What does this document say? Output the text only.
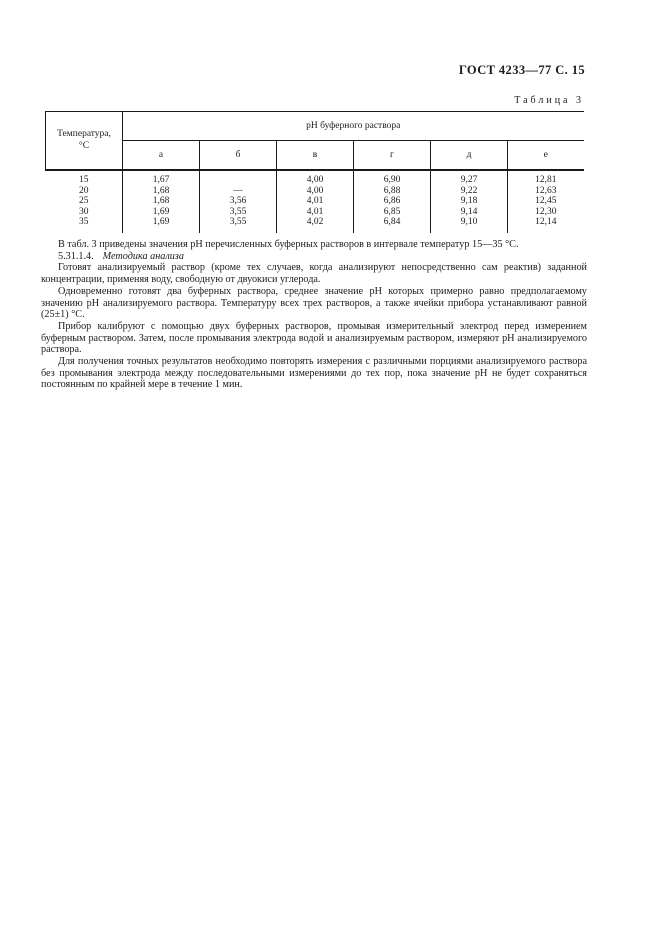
ГОСТ 4233—77 С. 15
Таблица 3
Температура,
°С	рН буферного раствора					
	а	б	в	г	д	е
15	1,67		4,00	6,90	9,27	12,81
20	1,68	—	4,00	6,88	9,22	12,63
25	1,68	3,56	4,01	6,86	9,18	12,45
30	1,69	3,55	4,01	6,85	9,14	12,30
35	1,69	3,55	4,02	6,84	9,10	12,14
В табл. 3 приведены значения рН перечисленных буферных растворов в интервале температур 15—35 °С.
5.31.1.4. Методика анализа

Готовят анализируемый раствор (кроме тех случаев, когда анализируют непосредственно сам реактив) заданной концентрации, применяя воду, свободную от двуокиси углерода.

Одновременно готовят два буферных раствора, среднее значение рН которых примерно равно предполагаемому значению рН анализируемого раствора. Температуру всех трех растворов, а также ячейки прибора устанавливают равной (25±1) °С.

Прибор калибруют с помощью двух буферных растворов, промывая измерительный электрод перед измерением буферным раствором. Затем, после промывания электрода водой и анализируемым раствором, измеряют рН анализируемого раствора.

Для получения точных результатов необходимо повторять измерения с различными порциями анализируемого раствора без промывания электрода между последовательными измерениями до тех пор, пока значение рН не будет сохраняться постоянным по крайней мере в течение 1 мин.
